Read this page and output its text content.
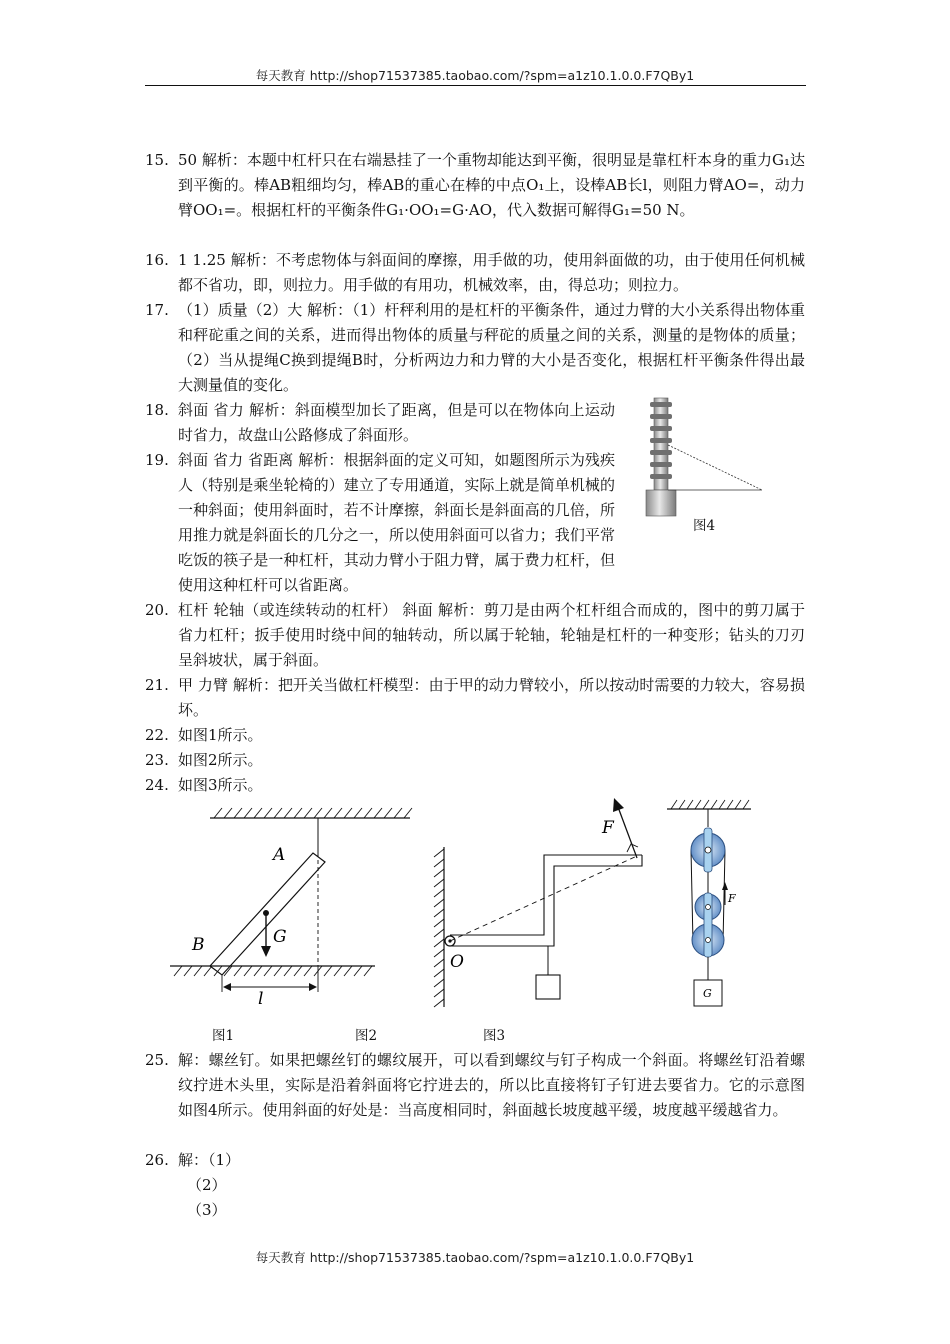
每天教育 http://shop71537385.taobao.com/?spm=a1z10.1.0.0.F7QBy1
15. 50 解析：本题中杠杆只在右端悬挂了一个重物却能达到平衡，很明显是靠杠杆本身的重力G₁达到平衡的。棒AB粗细均匀，棒AB的重心在棒的中点O₁上，设棒AB长l，则阻力臂AO=，动力臂OO₁=。根据杠杆的平衡条件G₁·OO₁=G·AO，代入数据可解得G₁=50 N。
16. 1 1.25 解析：不考虑物体与斜面间的摩擦，用手做的功，使用斜面做的功，由于使用任何机械都不省功，即，则拉力。用手做的有用功，机械效率，由，得总功；则拉力。
17. （1）质量（2）大 解析：（1）杆秤利用的是杠杆的平衡条件，通过力臂的大小关系得出物体重和秤砣重之间的关系，进而得出物体的质量与秤砣的质量之间的关系，测量的是物体的质量；（2）当从提绳C换到提绳B时，分析两边力和力臂的大小是否变化，根据杠杆平衡条件得出最大测量值的变化。
18. 斜面 省力 解析：斜面模型加长了距离，但是可以在物体向上运动时省力，故盘山公路修成了斜面形。
19. 斜面 省力 省距离 解析：根据斜面的定义可知，如题图所示为残疾人（特别是乘坐轮椅的）建立了专用通道，实际上就是简单机械的一种斜面；使用斜面时，若不计摩擦，斜面长是斜面高的几倍，所用推力就是斜面长的几分之一，所以使用斜面可以省力；我们平常吃饭的筷子是一种杠杆，其动力臂小于阻力臂，属于费力杠杆，但使用这种杠杆可以省距离。
20. 杠杆 轮轴（或连续转动的杠杆） 斜面 解析：剪刀是由两个杠杆组合而成的，图中的剪刀属于省力杠杆；扳手使用时绕中间的轴转动，所以属于轮轴，轮轴是杠杆的一种变形；钻头的刀刃呈斜坡状，属于斜面。
21. 甲 力臂 解析：把开关当做杠杆模型：由于甲的动力臂较小，所以按动时需要的力较大，容易损坏。
22. 如图1所示。
23. 如图2所示。
24. 如图3所示。
25. 解：螺丝钉。如果把螺丝钉的螺纹展开，可以看到螺纹与钉子构成一个斜面。将螺丝钉沿着螺纹拧进木头里，实际是沿着斜面将它拧进去的，所以比直接将钉子钉进去要省力。它的示意图如图4所示。使用斜面的好处是：当高度相同时，斜面越长坡度越平缓，坡度越平缓越省力。
26. 解：（1）
（2）
（3）
图4
A
B	G
l
图1
F
O
图2
F
G
图3
每天教育 http://shop71537385.taobao.com/?spm=a1z10.1.0.0.F7QBy1
